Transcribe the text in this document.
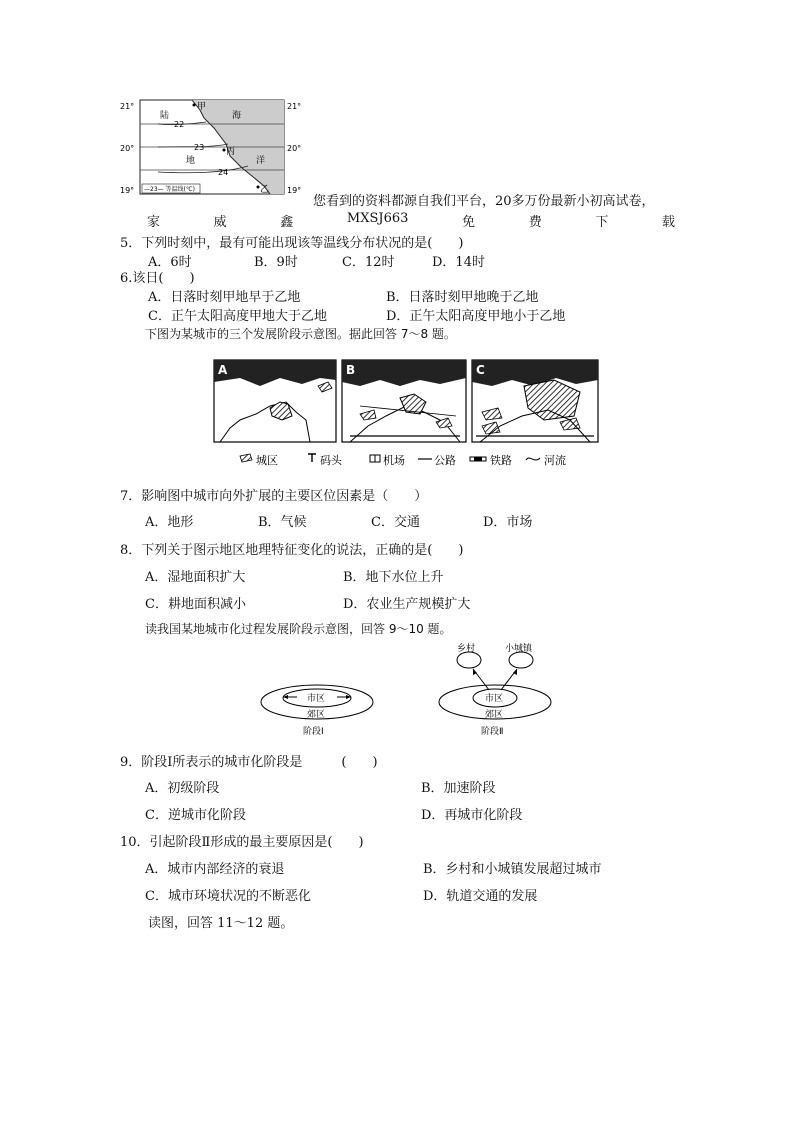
21°	21°
20°	20°
19°	19°
陆
地
海
洋
甲
丙
乙
22
23
24
—23— 等温线(℃)
您看到的资料都源自我们平台，20多万份最新小初高试卷，
家	威	鑫	MXSJ663	免	费	下	载
5．下列时刻中，最有可能出现该等温线分布状况的是(　　)
A．6时	B．9时	C．12时	D．14时
6.该日(　　)
A．日落时刻甲地早于乙地	B．日落时刻甲地晚于乙地
C．正午太阳高度甲地大于乙地	D．正午太阳高度甲地小于乙地
下图为某城市的三个发展阶段示意图。据此回答 7～8 题。
A	B	C
城区	码头	机场	公路	铁路	河流
7．影响图中城市向外扩展的主要区位因素是（　　）
A．地形	B．气候	C．交通	D．市场
8．下列关于图示地区地理特征变化的说法，正确的是(　　)
A．湿地面积扩大	B．地下水位上升
C．耕地面积减小	D．农业生产规模扩大
读我国某地城市化过程发展阶段示意图，回答 9～10 题。
市区
郊区
阶段Ⅰ
乡村	小城镇
市区
郊区
阶段Ⅱ
9．阶段Ⅰ所表示的城市化阶段是　　　(　　)
A．初级阶段	B．加速阶段
C．逆城市化阶段	D．再城市化阶段
10．引起阶段Ⅱ形成的最主要原因是(　　)
A．城市内部经济的衰退	B．乡村和小城镇发展超过城市
C．城市环境状况的不断恶化	D．轨道交通的发展
读图，回答 11～12 题。
